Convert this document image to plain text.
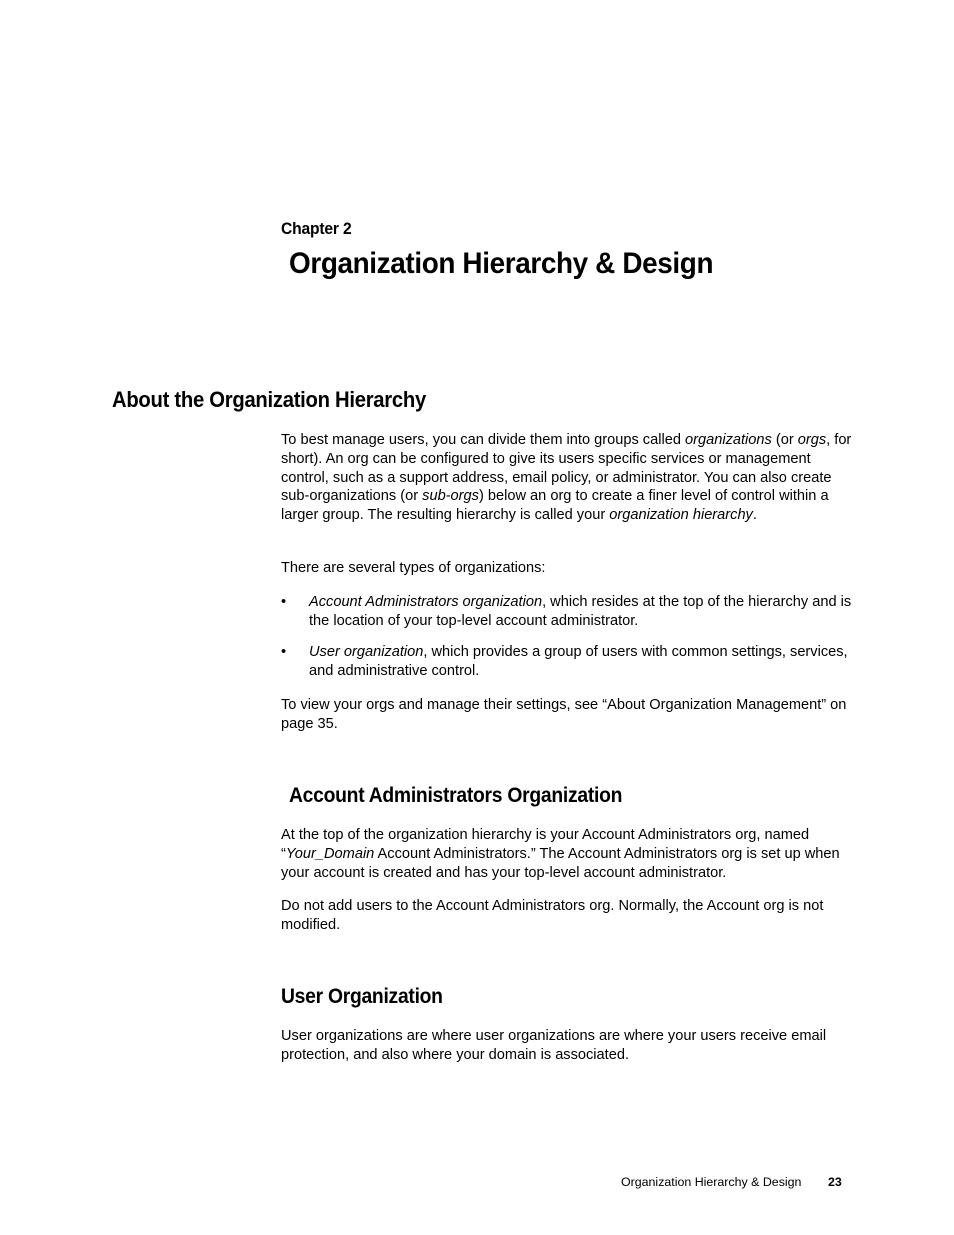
Chapter 2
Organization Hierarchy & Design
About the Organization Hierarchy

To best manage users, you can divide them into groups called organizations (or orgs, for short). An org can be configured to give its users specific services or management control, such as a support address, email policy, or administrator. You can also create sub-organizations (or sub-orgs) below an org to create a finer level of control within a larger group. The resulting hierarchy is called your organization hierarchy.

There are several types of organizations:

• Account Administrators organization, which resides at the top of the hierarchy and is the location of your top-level account administrator.
• User organization, which provides a group of users with common settings, services, and administrative control.

To view your orgs and manage their settings, see “About Organization Management” on page 35.

Account Administrators Organization

At the top of the organization hierarchy is your Account Administrators org, named “Your_Domain Account Administrators.” The Account Administrators org is set up when your account is created and has your top-level account administrator.

Do not add users to the Account Administrators org. Normally, the Account org is not modified.

User Organization

User organizations are where user organizations are where your users receive email protection, and also where your domain is associated.

Organization Hierarchy & Design 23
